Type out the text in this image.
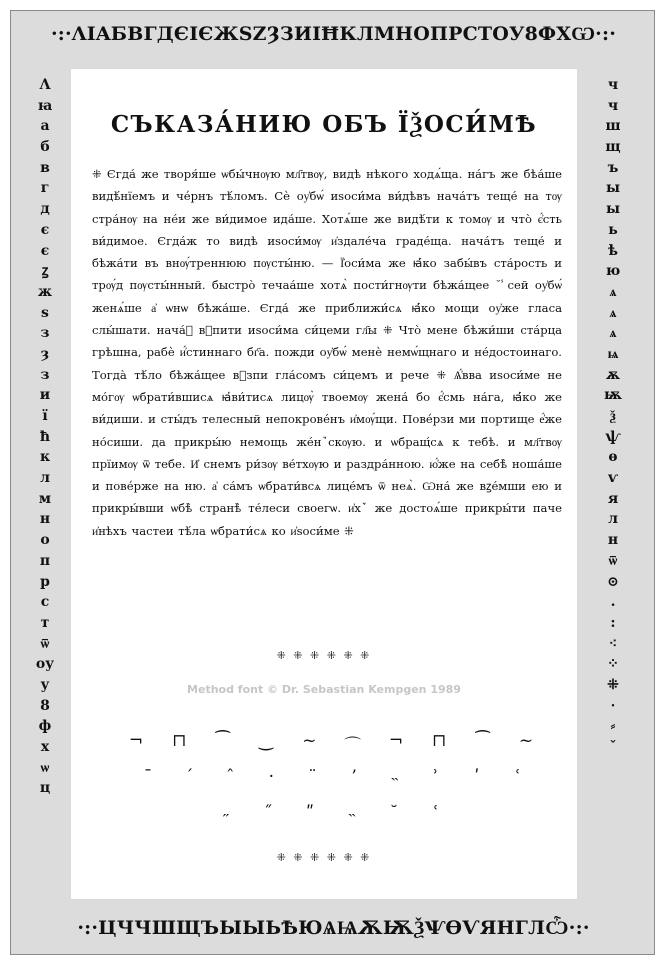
·:·ΛΙΑБВГДЄІЄЖЅZȜЗИІĦКЛМНОПРСТОУ8ФХѠ·:·
Λ
ꙗ
а
б
в
г
д
є
є
ꙁ
ж
ѕ
з
ȝ
з
и
ї
ħ
к
л
м
н
о
п
р
с
т
ѿ
оу
у
8
ф
х
ѡ
ц
ч
ч
ш
щ
ъ
ы
ы
ь
ѣ
ю
ѧ
ѧ
ѧ
ѩ
ѫ
ѭ
ѯ
ѱ
ѳ
ѵ
я
л
н
ѿ
⊙
.
:
⁖
⁘
⁜
⸱
⸗
ˇ
СЪКАЗА́НИЮ ОБЪ ЇѮОСИ́МѢ
⁜ Єгда́ же творя́ше ѡбы́чнѹю мл҃твѹ, видѣ нѣкого ходѧ́ща. на́гъ же бѣа́ше видѣ́нїемъ и чéрнъ тѣ́ломъ. Сѐ оу҆бѡ́ иѕоси́ма ви́дѣвъ нача́тъ теще́ на тѹ стра́нѹ на не́и же ви́димое ида́ше. Хотѧ́ше же видѣ́ти к томѹ и что̀ є҆́сть ви́димое. Єгда́ж то видѣ иѕоси́мѹ и҆здале́ча граде́ща. нача́тъ теще́ и бѣжа́ти въ внѹ́треннюю пѹсты́ню. — Ї҆оси́ма же ꙗ҆́ко забы́въ ста́рость и трѹ́д пѹсты́нный. быстро̀ течаа́ше хотѧ̀ пости́гнѹти бѣжа́щее ˘ ̾сей оу҆бѡ́ женѧ́ше а҆ ѡнѡ бѣжа́ше. Єгда́ же приближи́сѧ ꙗ҆́ко мощи оу҆же гласа слы́шати. нача́ⷮ вꙿпити иѕоси́ма си́цеми гл҃ы ⁜ Что̀ мене бѣжи́ши ста́рца грѣшна, рабѐ и҆́стиннаго бг҃а. пожди оу҆бѡ́ менѐ немѡ́щнаго и не́достоинаго. Тогда̀ тѣ́ло бѣжа́щее вꙿзпи гла́сомъ си́цемъ и рече ⁜ Ѧ҆́вва иѕоси́ме не мо́гѹ ѡбрати́вшисѧ ꙗ҆ви́тисѧ лицѹ̀ твоемѹ жена́ бо є҆́смь на́га, ꙗ҆́ко же ви́диши. и сты́дъ телесный непокрове́нъ и҆мѹ́щи. Повéрзи ми портище е҆́же но́сиши. да прикры́ю немощь же́нꙿскѹю. и ѡбращ́сѧ к тебѣ. и мл҃твѹ прїимѹ ѿ тебе. И҆ снемъ ри́зѹ ве́тхѹю и раздра́нною. ю҆́же на себѣ̀ ноша́ше и повéрже на ню. а҆ са́мъ ѡбрати́всѧ лице́мъ ѿ неѧ̀. Ѡна́ же вꙁе́мши ею и прикры́вши ѡбѣ̀ странѣ̀ те́леси своегѡ. и҆хꙿ же достоѧ́ше прикры́ти паче и҆нѣхъ частеи тѣ́ла ѡбрати́сѧ ко и҆ѕоси́ме ⁜
⁜ ⁜ ⁜ ⁜ ⁜ ⁜
Method font © Dr. Sebastian Kempgen 1989
¬	⊓	⁀	‿	~	⌒	¬	⊓	⁀	~
ˉ	ˊ	ˆ	·	¨	ʼ	˵	ʾ	ʹ	ʿ
˶	˝	ʺ	˵	˘	ʿ
⁜ ⁜ ⁜ ⁜ ⁜ ⁜
·:·ЦЧЧШЩЪЫЫЬѢЮѦѨѪѬѮѰѲѴЯНГЛѼ·:·
